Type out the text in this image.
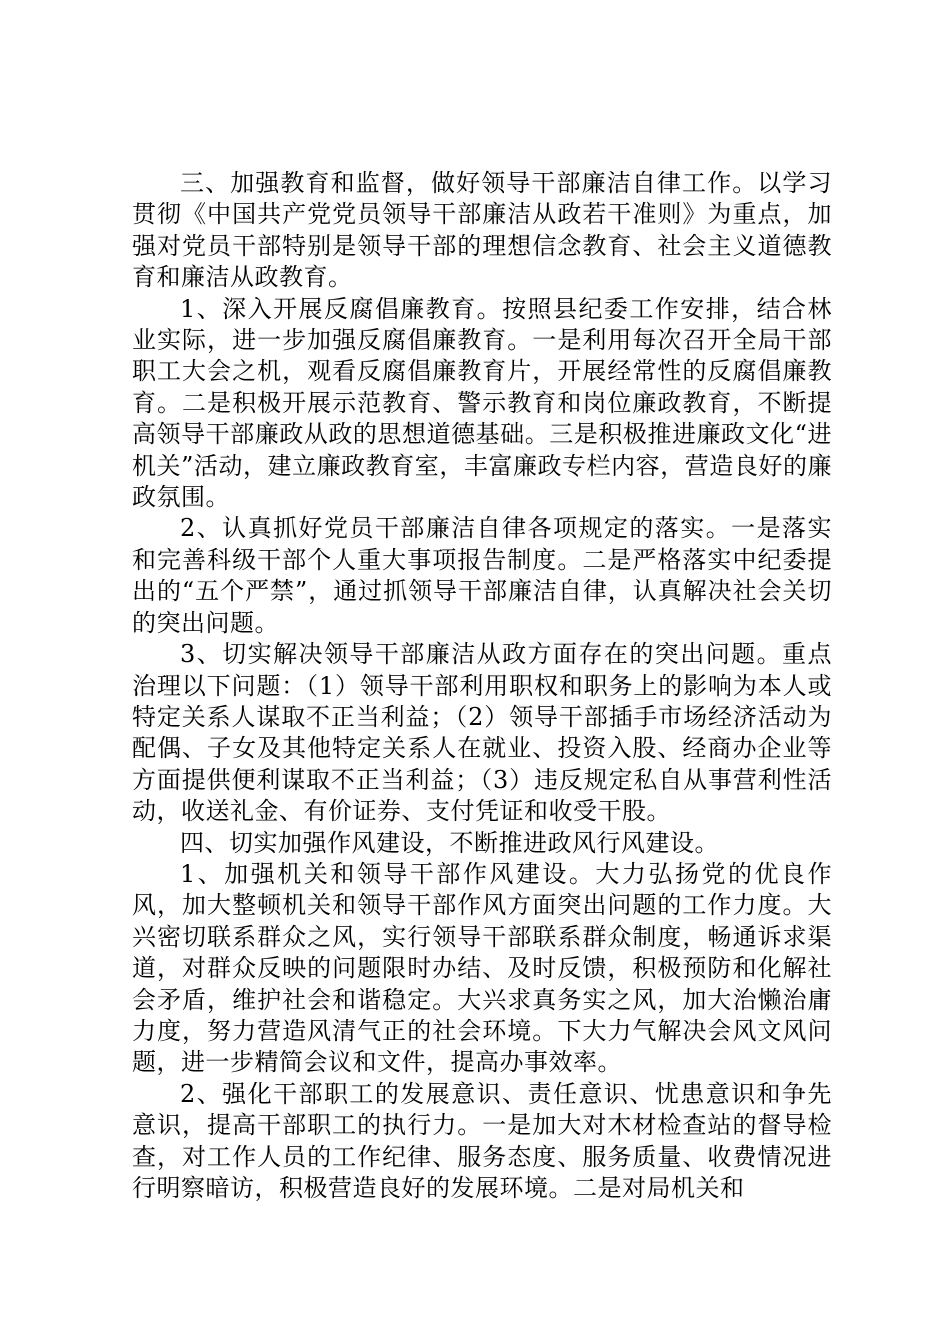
三、加强教育和监督，做好领导干部廉洁自律工作。以学习贯彻《中国共产党党员领导干部廉洁从政若干准则》为重点，加强对党员干部特别是领导干部的理想信念教育、社会主义道德教育和廉洁从政教育。

1、深入开展反腐倡廉教育。按照县纪委工作安排，结合林业实际，进一步加强反腐倡廉教育。一是利用每次召开全局干部职工大会之机，观看反腐倡廉教育片，开展经常性的反腐倡廉教育。二是积极开展示范教育、警示教育和岗位廉政教育，不断提高领导干部廉政从政的思想道德基础。三是积极推进廉政文化“进机关”活动，建立廉政教育室，丰富廉政专栏内容，营造良好的廉政氛围。

2、认真抓好党员干部廉洁自律各项规定的落实。一是落实和完善科级干部个人重大事项报告制度。二是严格落实中纪委提出的“五个严禁”，通过抓领导干部廉洁自律，认真解决社会关切的突出问题。

3、切实解决领导干部廉洁从政方面存在的突出问题。重点治理以下问题：（1）领导干部利用职权和职务上的影响为本人或特定关系人谋取不正当利益；（2）领导干部插手市场经济活动为配偶、子女及其他特定关系人在就业、投资入股、经商办企业等方面提供便利谋取不正当利益；（3）违反规定私自从事营利性活动，收送礼金、有价证券、支付凭证和收受干股。

四、切实加强作风建设，不断推进政风行风建设。

1、加强机关和领导干部作风建设。大力弘扬党的优良作风，加大整顿机关和领导干部作风方面突出问题的工作力度。大兴密切联系群众之风，实行领导干部联系群众制度，畅通诉求渠道，对群众反映的问题限时办结、及时反馈，积极预防和化解社会矛盾，维护社会和谐稳定。大兴求真务实之风，加大治懒治庸力度，努力营造风清气正的社会环境。下大力气解决会风文风问题，进一步精简会议和文件，提高办事效率。

2、强化干部职工的发展意识、责任意识、忧患意识和争先意识，提高干部职工的执行力。一是加大对木材检查站的督导检查，对工作人员的工作纪律、服务态度、服务质量、收费情况进行明察暗访，积极营造良好的发展环境。二是对局机关和
